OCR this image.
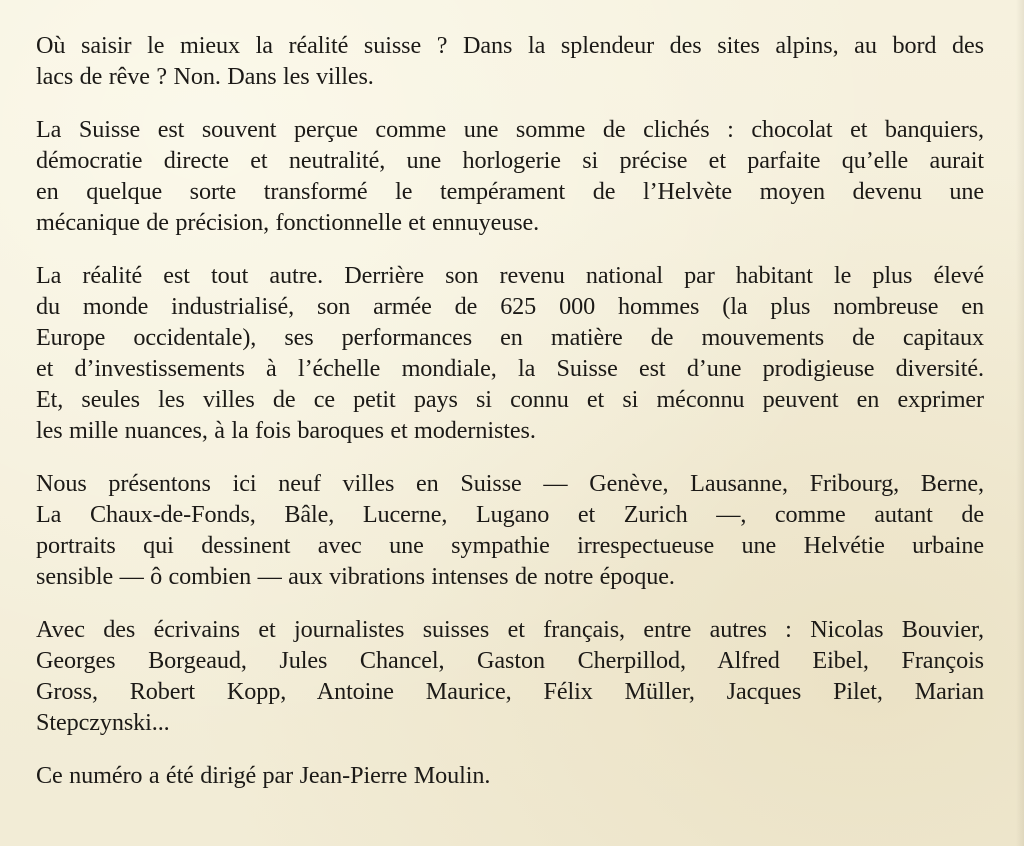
Où saisir le mieux la réalité suisse ? Dans la splendeur des sites alpins, au bord des
lacs de rêve ? Non. Dans les villes.

La Suisse est souvent perçue comme une somme de clichés : chocolat et banquiers,
démocratie directe et neutralité, une horlogerie si précise et parfaite qu’elle aurait
en quelque sorte transformé le tempérament de l’Helvète moyen devenu une
mécanique de précision, fonctionnelle et ennuyeuse.

La réalité est tout autre. Derrière son revenu national par habitant le plus élevé
du monde industrialisé, son armée de 625 000 hommes (la plus nombreuse en
Europe occidentale), ses performances en matière de mouvements de capitaux
et d’investissements à l’échelle mondiale, la Suisse est d’une prodigieuse diversité.
Et, seules les villes de ce petit pays si connu et si méconnu peuvent en exprimer
les mille nuances, à la fois baroques et modernistes.

Nous présentons ici neuf villes en Suisse — Genève, Lausanne, Fribourg, Berne,
La Chaux-de-Fonds, Bâle, Lucerne, Lugano et Zurich —, comme autant de
portraits qui dessinent avec une sympathie irrespectueuse une Helvétie urbaine
sensible — ô combien — aux vibrations intenses de notre époque.

Avec des écrivains et journalistes suisses et français, entre autres : Nicolas Bouvier,
Georges Borgeaud, Jules Chancel, Gaston Cherpillod, Alfred Eibel, François
Gross, Robert Kopp, Antoine Maurice, Félix Müller, Jacques Pilet, Marian
Stepczynski...

Ce numéro a été dirigé par Jean-Pierre Moulin.
